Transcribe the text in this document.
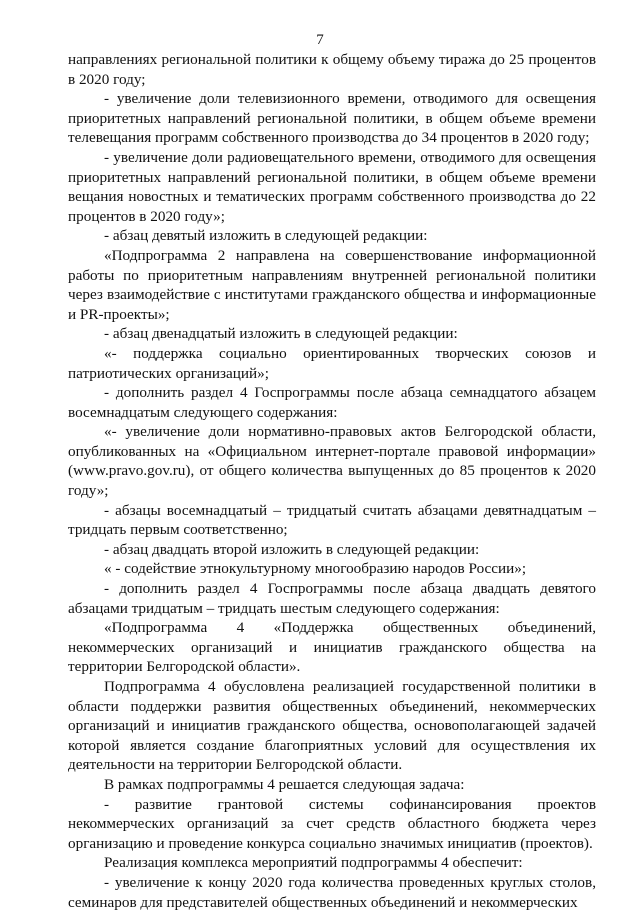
7

направлениях региональной политики к общему объему тиража до 25 процентов в 2020 году;

- увеличение доли телевизионного времени, отводимого для освещения приоритетных направлений региональной политики, в общем объеме времени телевещания программ собственного производства до 34 процентов в 2020 году;

- увеличение доли радиовещательного времени, отводимого для освещения приоритетных направлений региональной политики, в общем объеме времени вещания новостных и тематических программ собственного производства до 22 процентов в 2020 году»;

- абзац девятый изложить в следующей редакции:

«Подпрограмма 2 направлена на совершенствование информационной работы по приоритетным направлениям внутренней региональной политики через взаимодействие с институтами гражданского общества и информационные и PR-проекты»;

- абзац двенадцатый изложить в следующей редакции:

«- поддержка социально ориентированных творческих союзов и патриотических организаций»;

- дополнить раздел 4 Госпрограммы после абзаца семнадцатого абзацем восемнадцатым следующего содержания:

«- увеличение доли нормативно-правовых актов Белгородской области, опубликованных на «Официальном интернет-портале правовой информации» (www.pravo.gov.ru), от общего количества выпущенных до 85 процентов к 2020 году»;

- абзацы восемнадцатый – тридцатый считать абзацами девятнадцатым – тридцать первым соответственно;

- абзац двадцать второй изложить в следующей редакции:

« - содействие этнокультурному многообразию народов России»;

- дополнить раздел 4 Госпрограммы после абзаца двадцать девятого абзацами тридцатым – тридцать шестым следующего содержания:

«Подпрограмма 4 «Поддержка общественных объединений, некоммерческих организаций и инициатив гражданского общества на территории Белгородской области».

Подпрограмма 4 обусловлена реализацией государственной политики в области поддержки развития общественных объединений, некоммерческих организаций и инициатив гражданского общества, основополагающей задачей которой является создание благоприятных условий для осуществления их деятельности на территории Белгородской области.

В рамках подпрограммы 4 решается следующая задача:

- развитие грантовой системы софинансирования проектов некоммерческих организаций за счет средств областного бюджета через организацию и проведение конкурса социально значимых инициатив (проектов).

Реализация комплекса мероприятий подпрограммы 4 обеспечит:

- увеличение к концу 2020 года количества проведенных круглых столов, семинаров для представителей общественных объединений и некоммерческих
